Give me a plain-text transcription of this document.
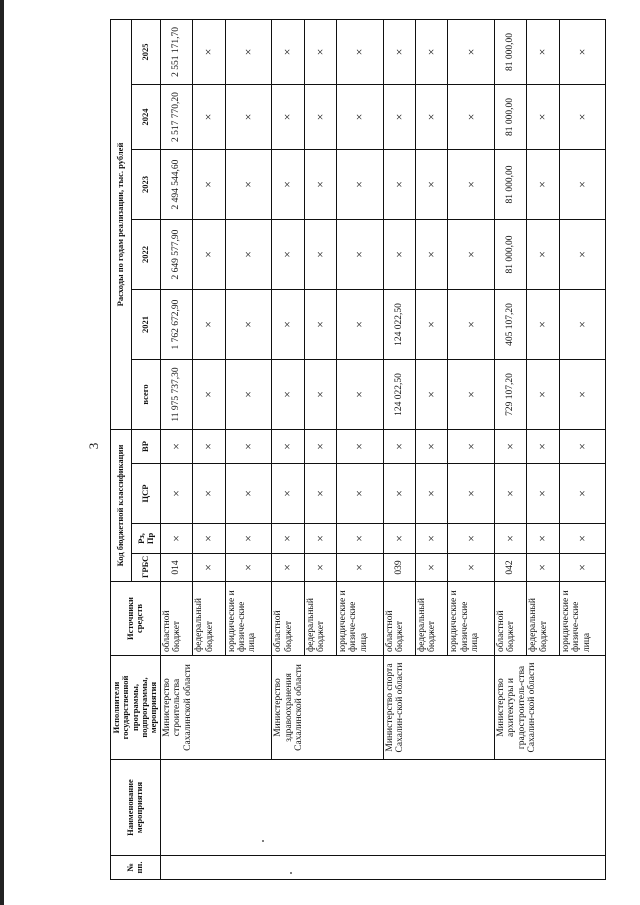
3
№ пп.	Наименование мероприятия	Исполнители государственной программы, подпрограммы, мероприятия	Источники средств	Код бюджетной классификации				Расходы по годам реализации, тыс. рублей					
				ГРБС	Рз, Пр	ЦСР	ВР	всего	2021	2022	2023	2024	2025

		Министерство строительства Сахалинской области	областной бюджет	014	×	×	×	11 975 737,30	1 762 672,90	2 649 577,90	2 494 544,60	2 517 770,20	2 551 171,70
			федеральный бюджет	×	×	×	×	×	×	×	×	×	×
			юридические и физиче-ские лица	×	×	×	×	×	×	×	×	×	×
		Министерство здравоохранения Сахалинской области	областной бюджет	×	×	×	×	×	×	×	×	×	×
			федеральный бюджет	×	×	×	×	×	×	×	×	×	×
			юридические и физиче-ские лица	×	×	×	×	×	×	×	×	×	×
		Министерство спорта Сахалин-ской области	областной бюджет	039	×	×	×	124 022,50	124 022,50	×	×	×	×
			федеральный бюджет	×	×	×	×	×	×	×	×	×	×
			юридические и физиче-ские лица	×	×	×	×	×	×	×	×	×	×
		Министерство архитектуры и градостроитель-ства Сахалин-ской области	областной бюджет	042	×	×	×	729 107,20	405 107,20	81 000,00	81 000,00	81 000,00	81 000,00
			федеральный бюджет	×	×	×	×	×	×	×	×	×	×
			юридические и физиче-ские лица	×	×	×	×	×	×	×	×	×	×
